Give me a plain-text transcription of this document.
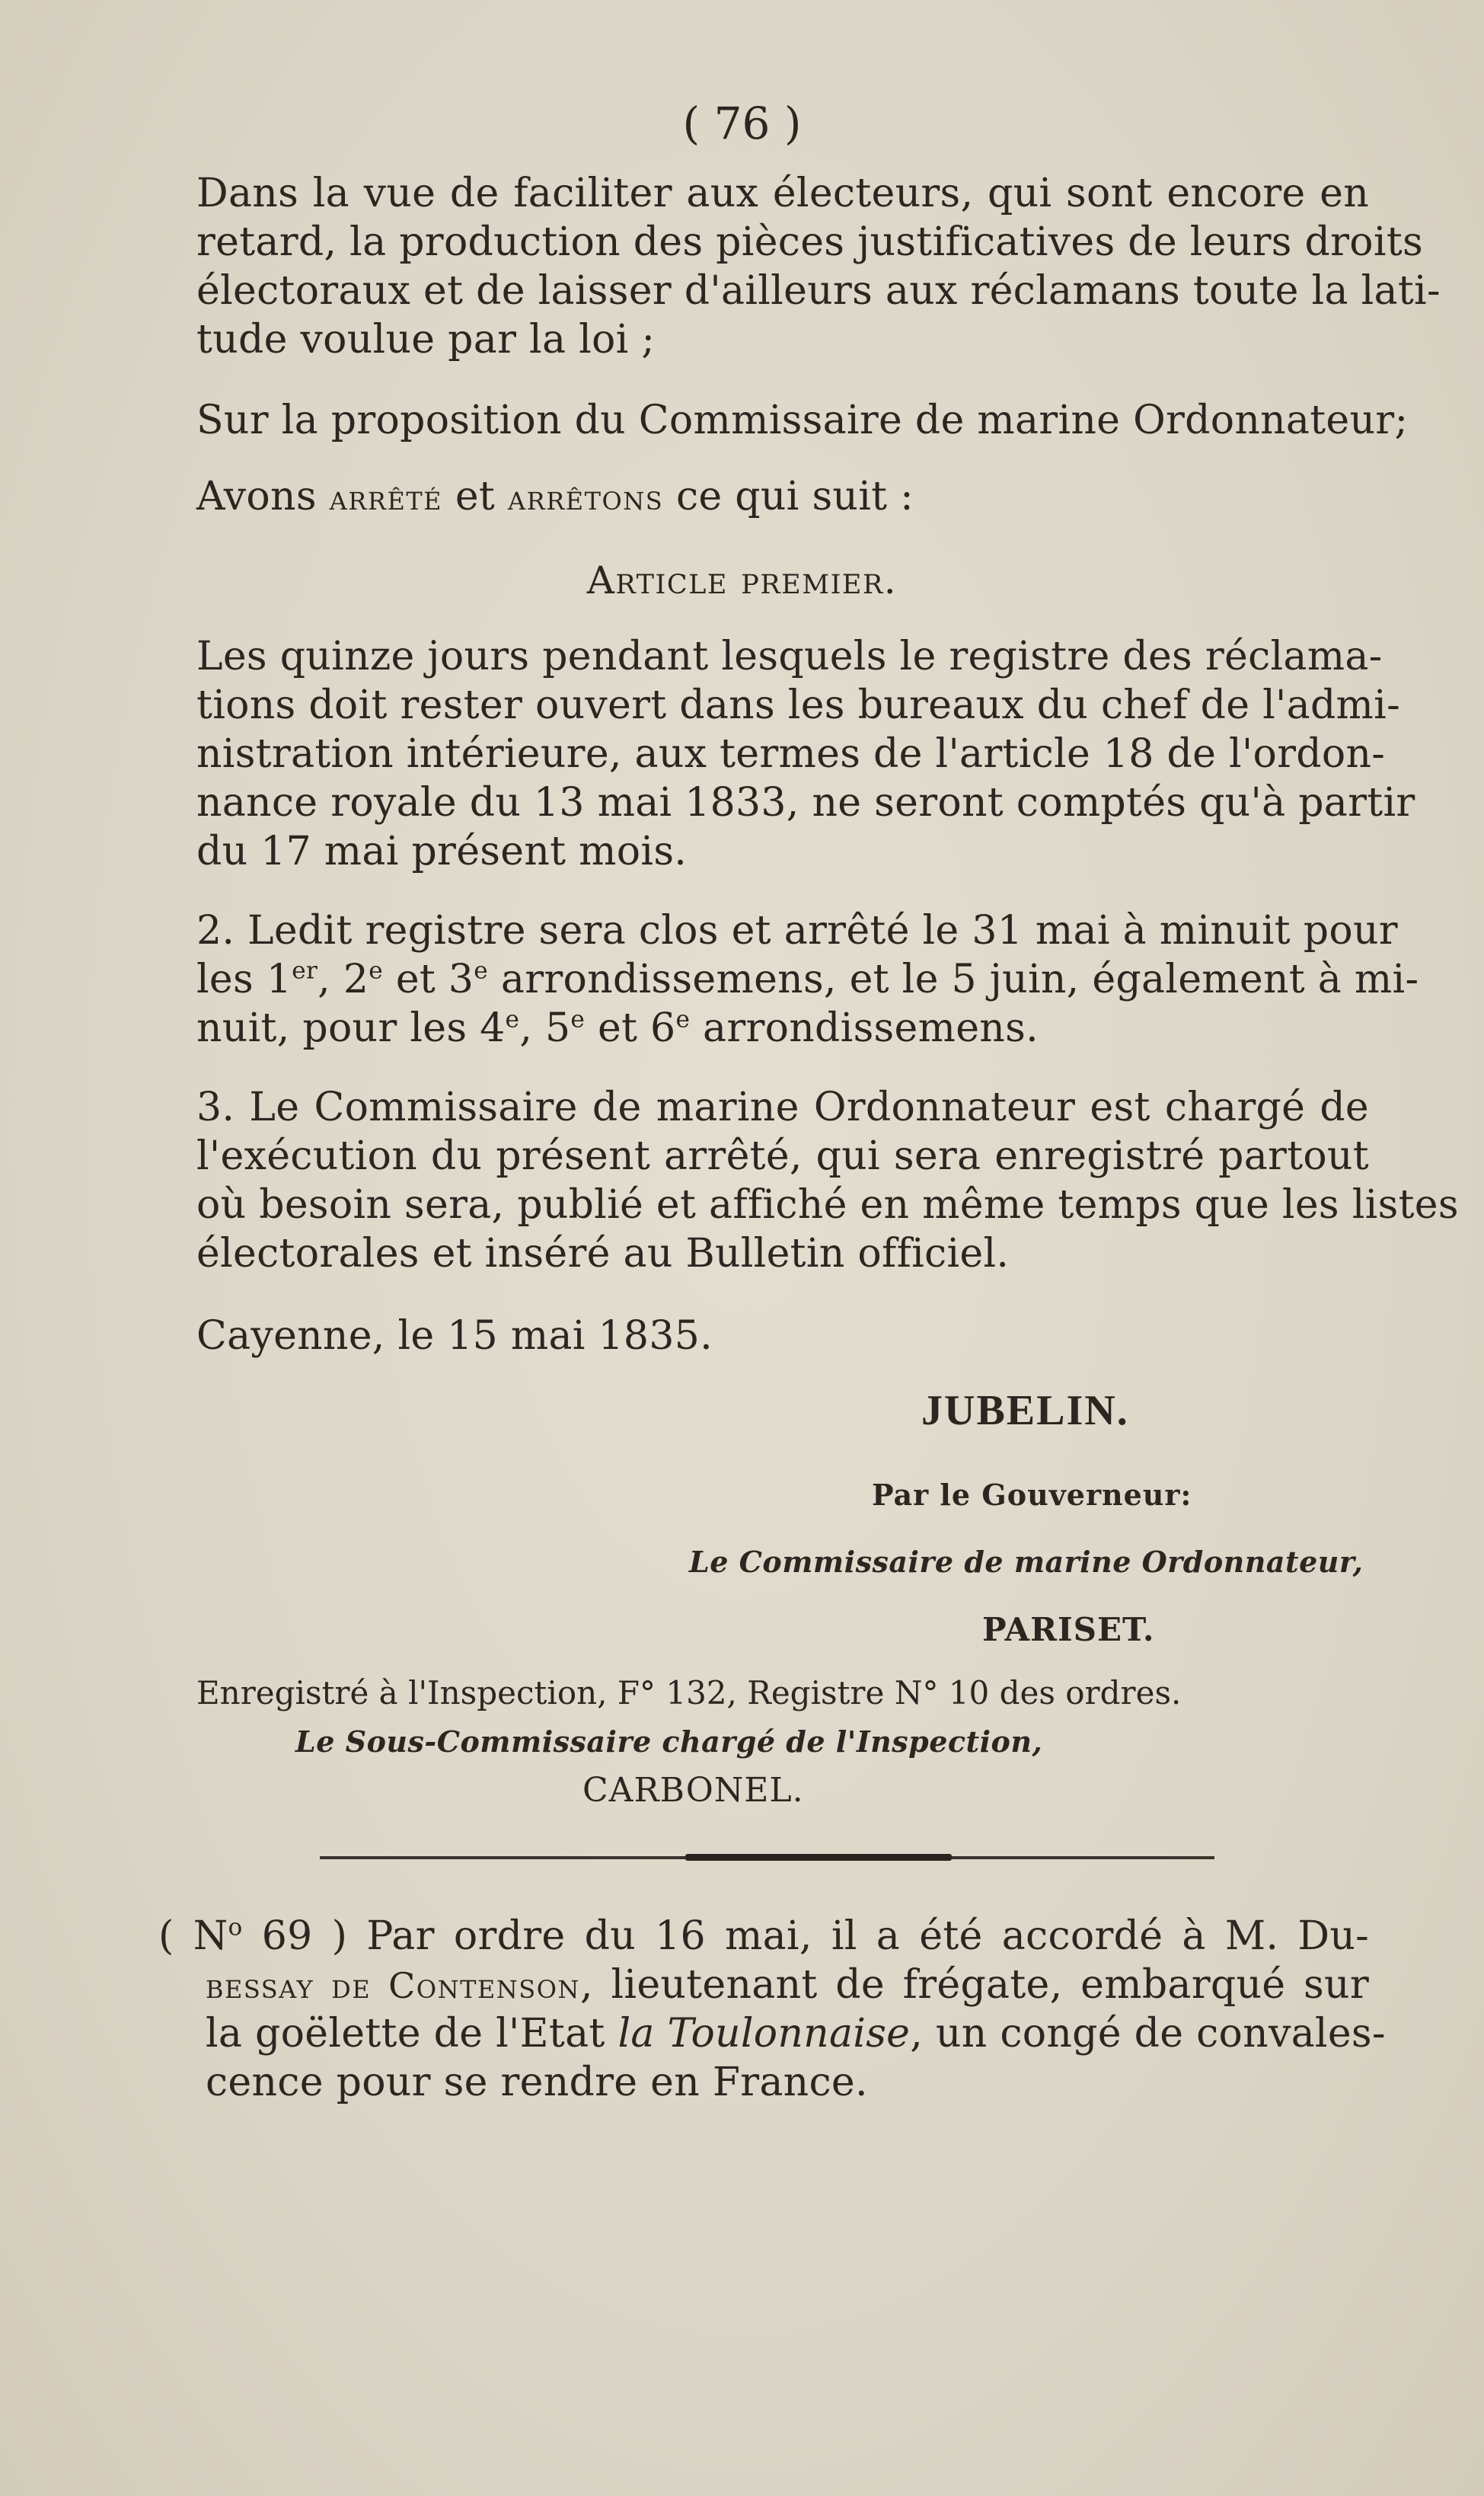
( 76 )

Dans la vue de faciliter aux électeurs, qui sont encore en

retard, la production des pièces justificatives de leurs droits

électoraux et de laisser d'ailleurs aux réclamans toute la lati-

tude voulue par la loi ;

Sur la proposition du Commissaire de marine Ordonnateur;

Avons arrêté et arrêtons ce qui suit :

Article premier.

Les quinze jours pendant lesquels le registre des réclama-

tions doit rester ouvert dans les bureaux du chef de l'admi-

nistration intérieure, aux termes de l'article 18 de l'ordon-

nance royale du 13 mai 1833, ne seront comptés qu'à partir

du 17 mai présent mois.

2. Ledit registre sera clos et arrêté le 31 mai à minuit pour

les 1er, 2e et 3e arrondissemens, et le 5 juin, également à mi-

nuit, pour les 4e, 5e et 6e arrondissemens.

3. Le Commissaire de marine Ordonnateur est chargé de

l'exécution du présent arrêté, qui sera enregistré partout

où besoin sera, publié et affiché en même temps que les listes

électorales et inséré au Bulletin officiel.

Cayenne, le 15 mai 1835.

JUBELIN.

Par le Gouverneur:

Le Commissaire de marine Ordonnateur,

PARISET.

Enregistré à l'Inspection, F° 132, Registre N° 10 des ordres.

Le Sous-Commissaire chargé de l'Inspection,

CARBONEL.

( $N^o$ 69 ) Par ordre du 16 mai, il a été accordé à M. Du-

bessay de Contenson, lieutenant de frégate, embarqué sur

la goëlette de l'Etat la Toulonnaise, un congé de convales-

cence pour se rendre en France.
